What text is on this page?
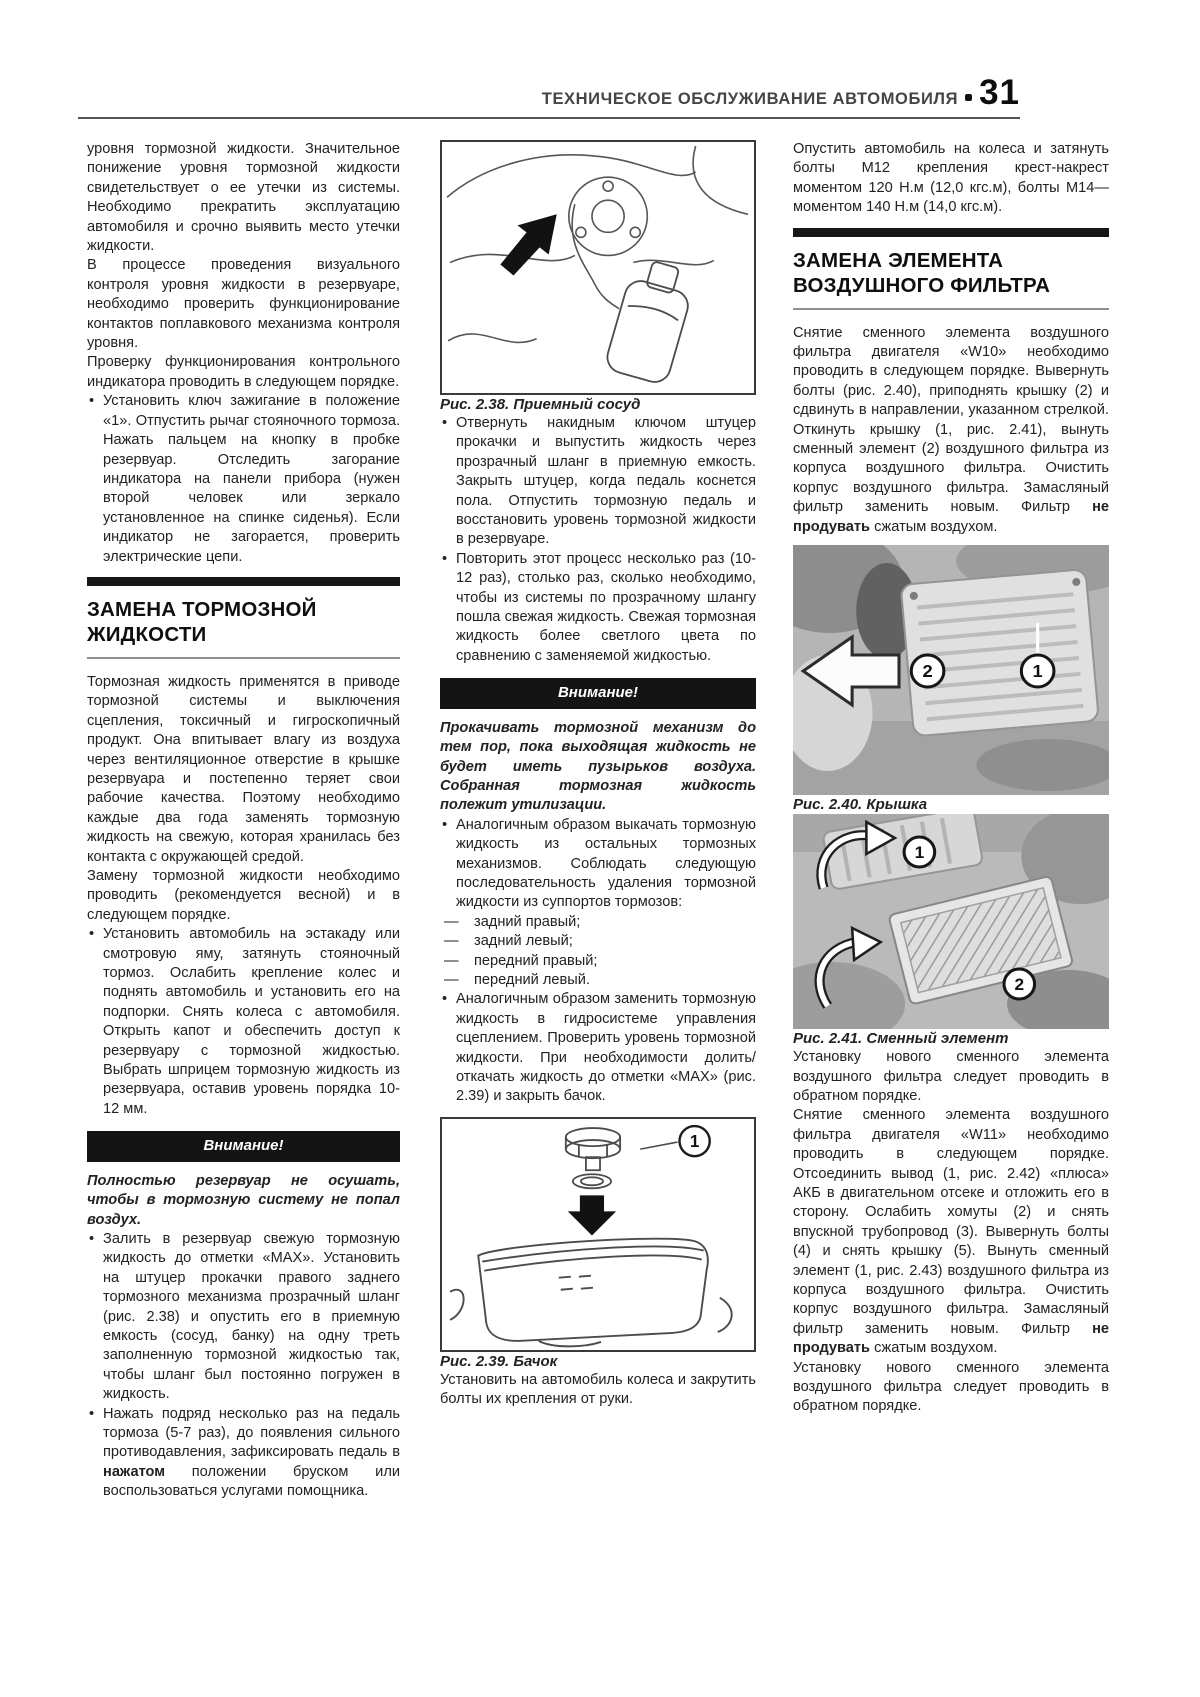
ТЕХНИЧЕСКОЕ ОБСЛУЖИВАНИЕ АВТОМОБИЛЯ 31

уровня тормозной жидкости. Значительное понижение уровня тормозной жидкости свидетельствует о ее утечки из системы. Необходимо прекратить эксплуатацию автомобиля и срочно выявить место утечки жидкости.

В процессе проведения визуального контроля уровня жидкости в резервуаре, необходимо проверить функционирование контактов поплавкового механизма контроля уровня.

Проверку функционирования контрольного индикатора проводить в следующем порядке.

• Установить ключ зажигание в положение «1». Отпустить рычаг стояночного тормоза. Нажать пальцем на кнопку в пробке резервуар. Отследить загорание индикатора на панели прибора (нужен второй человек или зеркало установленное на спинке сиденья). Если индикатор не загорается, проверить электрические цепи.
ЗАМЕНА ТОРМОЗНОЙ ЖИДКОСТИ

Тормозная жидкость применятся в приводе тормозной системы и выключения сцепления, токсичный и гигроскопичный продукт. Она впитывает влагу из воздуха через вентиляционное отверстие в крышке резервуара и постепенно теряет свои рабочие качества. Поэтому необходимо каждые два года заменять тормозную жидкость на свежую, которая хранилась без контакта с окружающей средой.

Замену тормозной жидкости необходимо проводить (рекомендуется весной) и в следующем порядке.

• Установить автомобиль на эстакаду или смотровую яму, затянуть стояночный тормоз. Ослабить крепление колес и поднять автомобиль и установить его на подпорки. Снять колеса с автомобиля. Открыть капот и обеспечить доступ к резервуару с тормозной жидкостью. Выбрать шприцем тормозную жидкость из резервуара, оставив уровень порядка 10-12 мм.
Внимание!

Полностью резервуар не осушать, чтобы в тормозную систему не попал воздух.

• Залить в резервуар свежую тормозную жидкость до отметки «MAX». Установить на штуцер прокачки правого заднего тормозного механизма прозрачный шланг (рис. 2.38) и опустить его в приемную емкость (сосуд, банку) на одну треть заполненную тормозной жидкостью так, чтобы шланг был постоянно погружен в жидкость.
• Нажать подряд несколько раз на педаль тормоза (5-7 раз), до появления сильного противодавления, зафиксировать педаль в нажатом положении бруском или воспользоваться услугами помощника.

Рис. 2.38. Приемный сосуд

• Отвернуть накидным ключом штуцер прокачки и выпустить жидкость через прозрачный шланг в приемную емкость. Закрыть штуцер, когда педаль коснется пола. Отпустить тормозную педаль и восстановить уровень тормозной жидкости в резервуаре.
• Повторить этот процесс несколько раз (10-12 раз), столько раз, сколько необходимо, чтобы из системы по прозрачному шлангу пошла свежая жидкость. Свежая тормозная жидкость более светлого цвета по сравнению с заменяемой жидкостью.
Внимание!

Прокачивать тормозной механизм до тем пор, пока выходящая жидкость не будет иметь пузырьков воздуха. Собранная тормозная жидкость полежит утилизации.

• Аналогичным образом выкачать тормозную жидкость из остальных тормозных механизмов. Соблюдать следующую последовательность удаления тормозной жидкости из суппортов тормозов:
— задний правый;
— задний левый;
— передний правый;
— передний левый.
• Аналогичным образом заменить тормозную жидкость в гидросистеме управления сцеплением. Проверить уровень тормозной жидкости. При необходимости долить/откачать жидкость до отметки «MAX» (рис. 2.39) и закрыть бачок.
1

Рис. 2.39. Бачок

Установить на автомобиль колеса и закрутить болты их крепления от руки.

Опустить автомобиль на колеса и затянуть болты М12 крепления крест-накрест моментом 120 Н.м (12,0 кгс.м), болты М14—моментом 140 Н.м (14,0 кгс.м).

ЗАМЕНА ЭЛЕМЕНТА ВОЗДУШНОГО ФИЛЬТРА

Снятие сменного элемента воздушного фильтра двигателя «W10» необходимо проводить в следующем порядке. Вывернуть болты (рис. 2.40), приподнять крышку (2) и сдвинуть в направлении, указанном стрелкой. Откинуть крышку (1, рис. 2.41), вынуть сменный элемент (2) воздушного фильтра из корпуса воздушного фильтра. Очистить корпус воздушного фильтра. Замасляный фильтр заменить новым. Фильтр не продувать сжатым воздухом.

2	1

Рис. 2.40. Крышка

1
2

Рис. 2.41. Сменный элемент

Установку нового сменного элемента воздушного фильтра следует проводить в обратном порядке.

Снятие сменного элемента воздушного фильтра двигателя «W11» необходимо проводить в следующем порядке. Отсоединить вывод (1, рис. 2.42) «плюса» АКБ в двигательном отсеке и отложить его в сторону. Ослабить хомуты (2) и снять впускной трубопровод (3). Вывернуть болты (4) и снять крышку (5). Вынуть сменный элемент (1, рис. 2.43) воздушного фильтра из корпуса воздушного фильтра. Очистить корпус воздушного фильтра. Замасляный фильтр заменить новым. Фильтр не продувать сжатым воздухом.

Установку нового сменного элемента воздушного фильтра следует проводить в обратном порядке.
